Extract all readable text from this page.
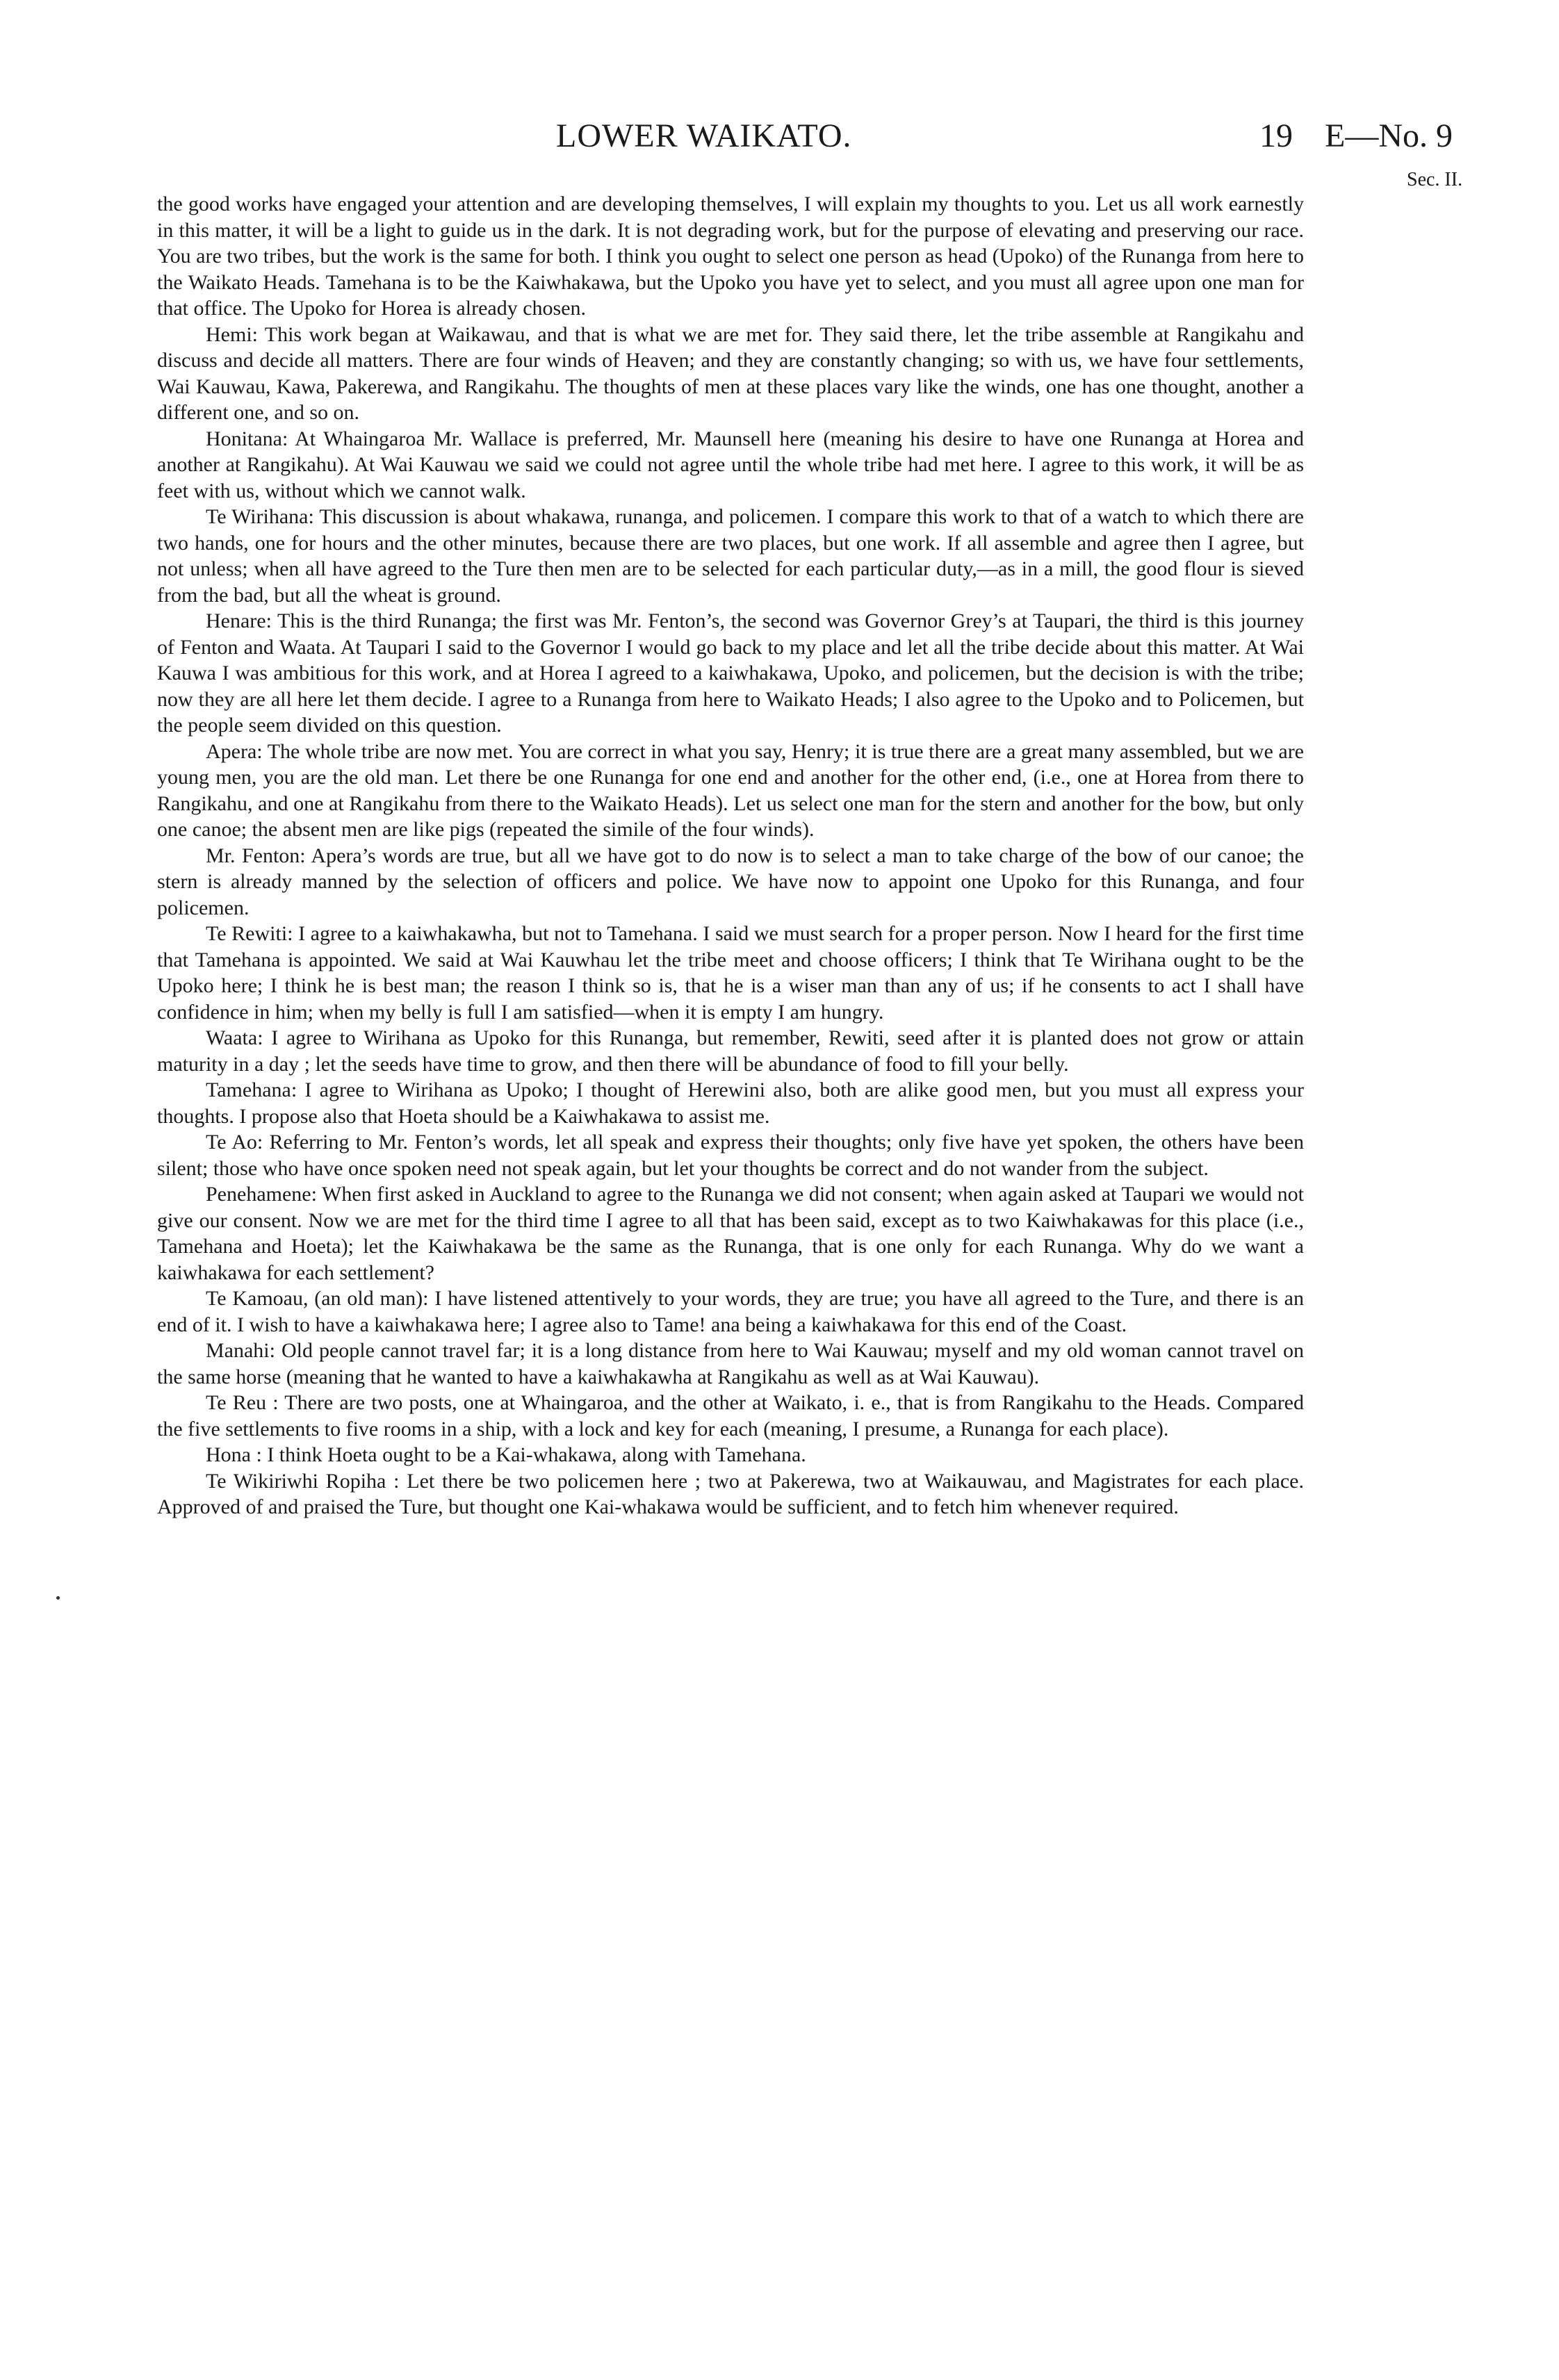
LOWER WAIKATO.	19 E—No. 9
Sec. II.

the good works have engaged your attention and are developing themselves, I will explain my thoughts to you. Let us all work earnestly in this matter, it will be a light to guide us in the dark. It is not degrading work, but for the purpose of elevating and preserving our race. You are two tribes, but the work is the same for both. I think you ought to select one person as head (Upoko) of the Runanga from here to the Waikato Heads. Tamehana is to be the Kaiwhakawa, but the Upoko you have yet to select, and you must all agree upon one man for that office. The Upoko for Horea is already chosen.

Hemi: This work began at Waikawau, and that is what we are met for. They said there, let the tribe assemble at Rangikahu and discuss and decide all matters. There are four winds of Heaven; and they are constantly changing; so with us, we have four settlements, Wai Kauwau, Kawa, Pakerewa, and Rangikahu. The thoughts of men at these places vary like the winds, one has one thought, another a different one, and so on.

Honitana: At Whaingaroa Mr. Wallace is preferred, Mr. Maunsell here (meaning his desire to have one Runanga at Horea and another at Rangikahu). At Wai Kauwau we said we could not agree until the whole tribe had met here. I agree to this work, it will be as feet with us, without which we cannot walk.

Te Wirihana: This discussion is about whakawa, runanga, and policemen. I compare this work to that of a watch to which there are two hands, one for hours and the other minutes, because there are two places, but one work. If all assemble and agree then I agree, but not unless; when all have agreed to the Ture then men are to be selected for each particular duty,—as in a mill, the good flour is sieved from the bad, but all the wheat is ground.

Henare: This is the third Runanga; the first was Mr. Fenton’s, the second was Governor Grey’s at Taupari, the third is this journey of Fenton and Waata. At Taupari I said to the Governor I would go back to my place and let all the tribe decide about this matter. At Wai Kauwa I was ambitious for this work, and at Horea I agreed to a kaiwhakawa, Upoko, and policemen, but the decision is with the tribe; now they are all here let them decide. I agree to a Runanga from here to Waikato Heads; I also agree to the Upoko and to Policemen, but the people seem divided on this question.

Apera: The whole tribe are now met. You are correct in what you say, Henry; it is true there are a great many assembled, but we are young men, you are the old man. Let there be one Runanga for one end and another for the other end, (i.e., one at Horea from there to Rangikahu, and one at Rangikahu from there to the Waikato Heads). Let us select one man for the stern and another for the bow, but only one canoe; the absent men are like pigs (repeated the simile of the four winds).

Mr. Fenton: Apera’s words are true, but all we have got to do now is to select a man to take charge of the bow of our canoe; the stern is already manned by the selection of officers and police. We have now to appoint one Upoko for this Runanga, and four policemen.

Te Rewiti: I agree to a kaiwhakawha, but not to Tamehana. I said we must search for a proper person. Now I heard for the first time that Tamehana is appointed. We said at Wai Kauwhau let the tribe meet and choose officers; I think that Te Wirihana ought to be the Upoko here; I think he is best man; the reason I think so is, that he is a wiser man than any of us; if he consents to act I shall have confidence in him; when my belly is full I am satisfied—when it is empty I am hungry.

Waata: I agree to Wirihana as Upoko for this Runanga, but remember, Rewiti, seed after it is planted does not grow or attain maturity in a day ; let the seeds have time to grow, and then there will be abundance of food to fill your belly.

Tamehana: I agree to Wirihana as Upoko; I thought of Herewini also, both are alike good men, but you must all express your thoughts. I propose also that Hoeta should be a Kaiwhakawa to assist me.

Te Ao: Referring to Mr. Fenton’s words, let all speak and express their thoughts; only five have yet spoken, the others have been silent; those who have once spoken need not speak again, but let your thoughts be correct and do not wander from the subject.

Penehamene: When first asked in Auckland to agree to the Runanga we did not consent; when again asked at Taupari we would not give our consent. Now we are met for the third time I agree to all that has been said, except as to two Kaiwhakawas for this place (i.e., Tamehana and Hoeta); let the Kaiwhakawa be the same as the Runanga, that is one only for each Runanga. Why do we want a kaiwhakawa for each settlement?

Te Kamoau, (an old man): I have listened attentively to your words, they are true; you have all agreed to the Ture, and there is an end of it. I wish to have a kaiwhakawa here; I agree also to Tame! ana being a kaiwhakawa for this end of the Coast.

Manahi: Old people cannot travel far; it is a long distance from here to Wai Kauwau; myself and my old woman cannot travel on the same horse (meaning that he wanted to have a kaiwhakawha at Rangikahu as well as at Wai Kauwau).

Te Reu : There are two posts, one at Whaingaroa, and the other at Waikato, i. e., that is from Rangikahu to the Heads. Compared the five settlements to five rooms in a ship, with a lock and key for each (meaning, I presume, a Runanga for each place).

Hona : I think Hoeta ought to be a Kai-whakawa, along with Tamehana.

Te Wikiriwhi Ropiha : Let there be two policemen here ; two at Pakerewa, two at Waikauwau, and Magistrates for each place. Approved of and praised the Ture, but thought one Kai-whakawa would be sufficient, and to fetch him whenever required.
